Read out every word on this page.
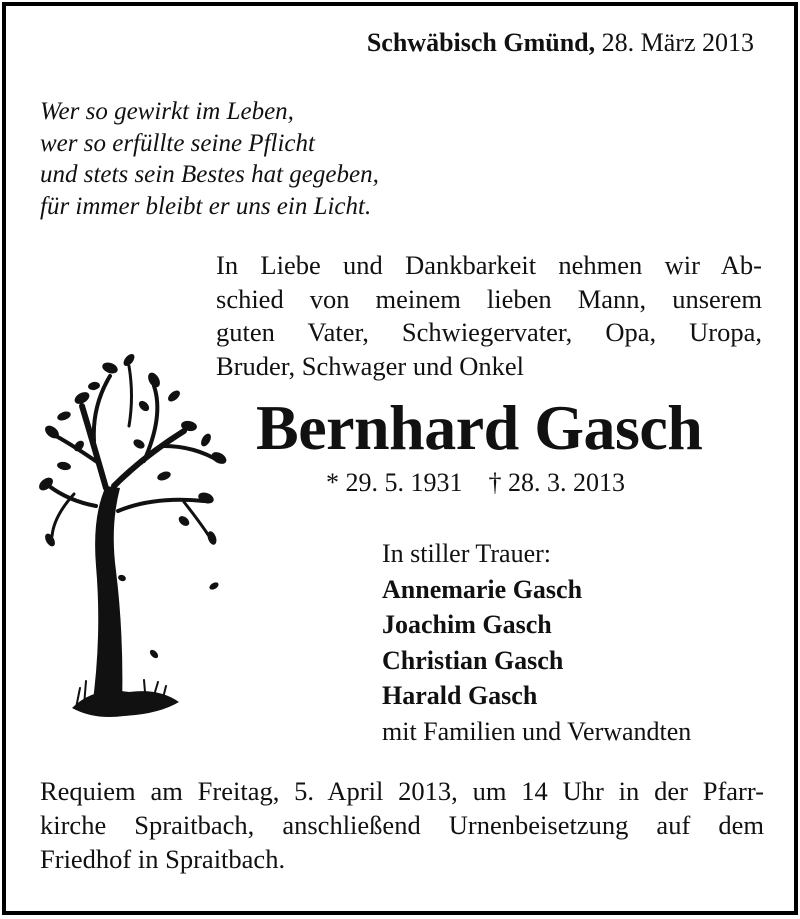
Schwäbisch Gmünd, 28. März 2013
Wer so gewirkt im Leben,
wer so erfüllte seine Pflicht
und stets sein Bestes hat gegeben,
für immer bleibt er uns ein Licht.
In Liebe und Dankbarkeit nehmen wir Ab-
schied von meinem lieben Mann, unserem
guten Vater, Schwiegervater, Opa, Uropa,
Bruder, Schwager und Onkel
Bernhard Gasch
* 29. 5. 1931 † 28. 3. 2013
In stiller Trauer:
Annemarie Gasch
Joachim Gasch
Christian Gasch
Harald Gasch
mit Familien und Verwandten
Requiem am Freitag, 5. April 2013, um 14 Uhr in der Pfarr-
kirche Spraitbach, anschließend Urnenbeisetzung auf dem
Friedhof in Spraitbach.
